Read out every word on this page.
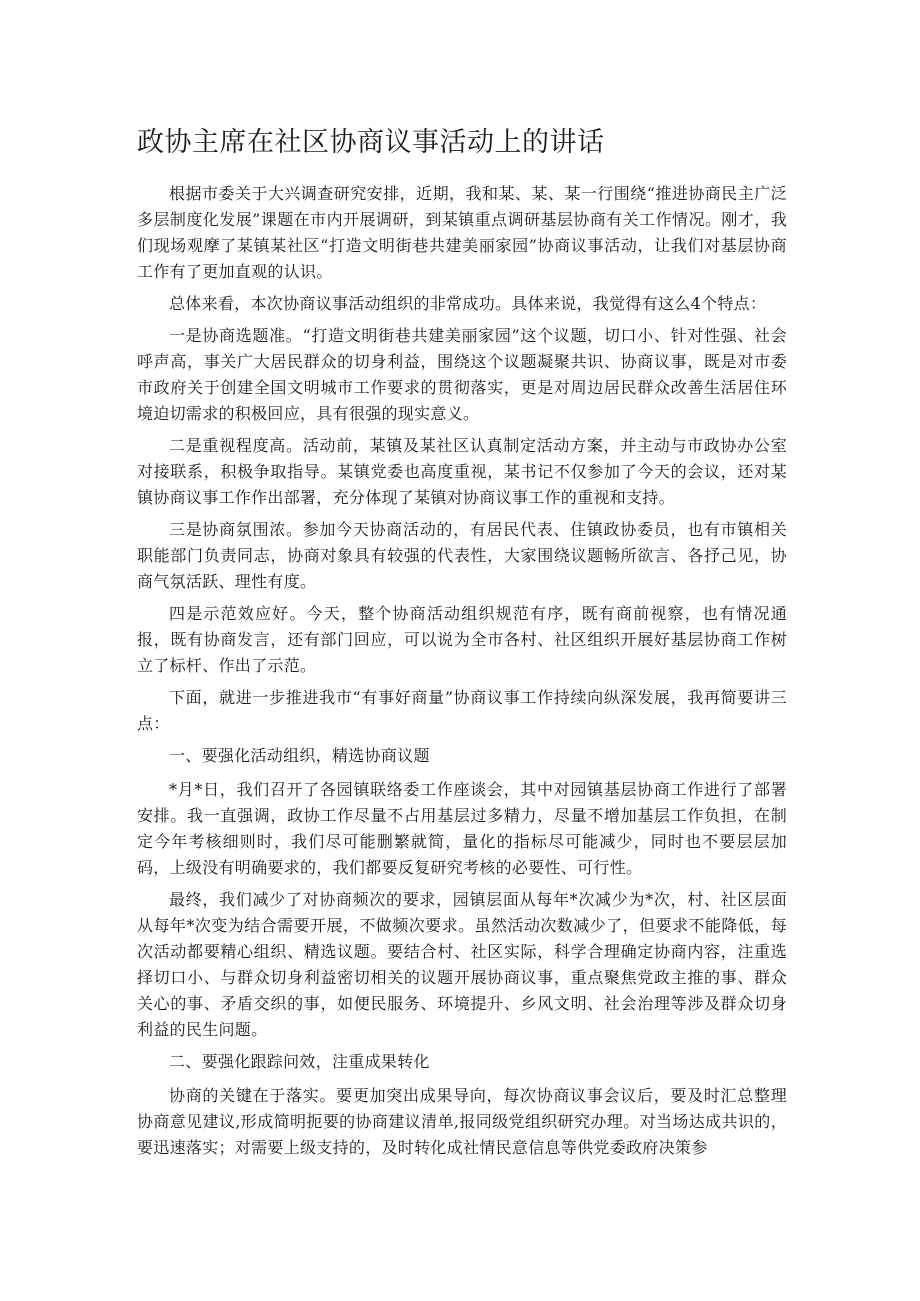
政协主席在社区协商议事活动上的讲话

根据市委关于大兴调查研究安排，近期，我和某、某、某一行围绕“推进协商民主广泛多层制度化发展”课题在市内开展调研，到某镇重点调研基层协商有关工作情况。刚才，我们现场观摩了某镇某社区“打造文明街巷共建美丽家园”协商议事活动，让我们对基层协商工作有了更加直观的认识。

总体来看，本次协商议事活动组织的非常成功。具体来说，我觉得有这么4个特点：

一是协商选题准。“打造文明街巷共建美丽家园”这个议题，切口小、针对性强、社会呼声高，事关广大居民群众的切身利益，围绕这个议题凝聚共识、协商议事，既是对市委市政府关于创建全国文明城市工作要求的贯彻落实，更是对周边居民群众改善生活居住环境迫切需求的积极回应，具有很强的现实意义。

二是重视程度高。活动前，某镇及某社区认真制定活动方案，并主动与市政协办公室对接联系，积极争取指导。某镇党委也高度重视，某书记不仅参加了今天的会议，还对某镇协商议事工作作出部署，充分体现了某镇对协商议事工作的重视和支持。

三是协商氛围浓。参加今天协商活动的，有居民代表、住镇政协委员，也有市镇相关职能部门负责同志，协商对象具有较强的代表性，大家围绕议题畅所欲言、各抒己见，协商气氛活跃、理性有度。

四是示范效应好。今天，整个协商活动组织规范有序，既有商前视察，也有情况通报，既有协商发言，还有部门回应，可以说为全市各村、社区组织开展好基层协商工作树立了标杆、作出了示范。

下面，就进一步推进我市“有事好商量”协商议事工作持续向纵深发展，我再简要讲三点：

一、要强化活动组织，精选协商议题

*月*日，我们召开了各园镇联络委工作座谈会，其中对园镇基层协商工作进行了部署安排。我一直强调，政协工作尽量不占用基层过多精力，尽量不增加基层工作负担，在制定今年考核细则时，我们尽可能删繁就简，量化的指标尽可能减少，同时也不要层层加码，上级没有明确要求的，我们都要反复研究考核的必要性、可行性。

最终，我们减少了对协商频次的要求，园镇层面从每年*次减少为*次，村、社区层面从每年*次变为结合需要开展，不做频次要求。虽然活动次数减少了，但要求不能降低，每次活动都要精心组织、精选议题。要结合村、社区实际，科学合理确定协商内容，注重选择切口小、与群众切身利益密切相关的议题开展协商议事，重点聚焦党政主推的事、群众关心的事、矛盾交织的事，如便民服务、环境提升、乡风文明、社会治理等涉及群众切身利益的民生问题。

二、要强化跟踪问效，注重成果转化

协商的关键在于落实。要更加突出成果导向，每次协商议事会议后，要及时汇总整理协商意见建议,形成简明扼要的协商建议清单,报同级党组织研究办理。对当场达成共识的，要迅速落实；对需要上级支持的，及时转化成社情民意信息等供党委政府决策参
